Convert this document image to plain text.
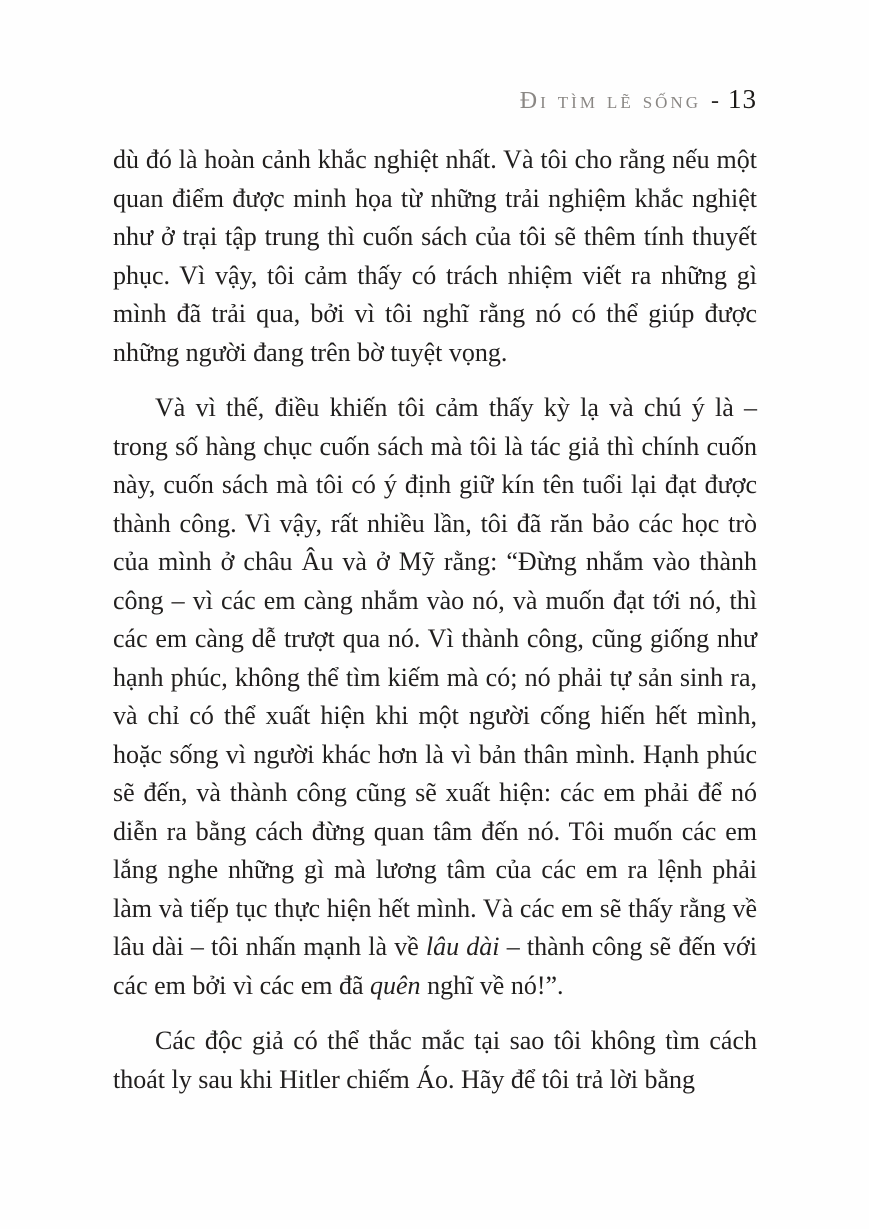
Đi tìm lẽ sống - 13

dù đó là hoàn cảnh khắc nghiệt nhất. Và tôi cho rằng nếu một quan điểm được minh họa từ những trải nghiệm khắc nghiệt như ở trại tập trung thì cuốn sách của tôi sẽ thêm tính thuyết phục. Vì vậy, tôi cảm thấy có trách nhiệm viết ra những gì mình đã trải qua, bởi vì tôi nghĩ rằng nó có thể giúp được những người đang trên bờ tuyệt vọng.

Và vì thế, điều khiến tôi cảm thấy kỳ lạ và chú ý là – trong số hàng chục cuốn sách mà tôi là tác giả thì chính cuốn này, cuốn sách mà tôi có ý định giữ kín tên tuổi lại đạt được thành công. Vì vậy, rất nhiều lần, tôi đã răn bảo các học trò của mình ở châu Âu và ở Mỹ rằng: “Đừng nhắm vào thành công – vì các em càng nhắm vào nó, và muốn đạt tới nó, thì các em càng dễ trượt qua nó. Vì thành công, cũng giống như hạnh phúc, không thể tìm kiếm mà có; nó phải tự sản sinh ra, và chỉ có thể xuất hiện khi một người cống hiến hết mình, hoặc sống vì người khác hơn là vì bản thân mình. Hạnh phúc sẽ đến, và thành công cũng sẽ xuất hiện: các em phải để nó diễn ra bằng cách đừng quan tâm đến nó. Tôi muốn các em lắng nghe những gì mà lương tâm của các em ra lệnh phải làm và tiếp tục thực hiện hết mình. Và các em sẽ thấy rằng về lâu dài – tôi nhấn mạnh là về lâu dài – thành công sẽ đến với các em bởi vì các em đã quên nghĩ về nó!”.

Các độc giả có thể thắc mắc tại sao tôi không tìm cách thoát ly sau khi Hitler chiếm Áo. Hãy để tôi trả lời bằng
